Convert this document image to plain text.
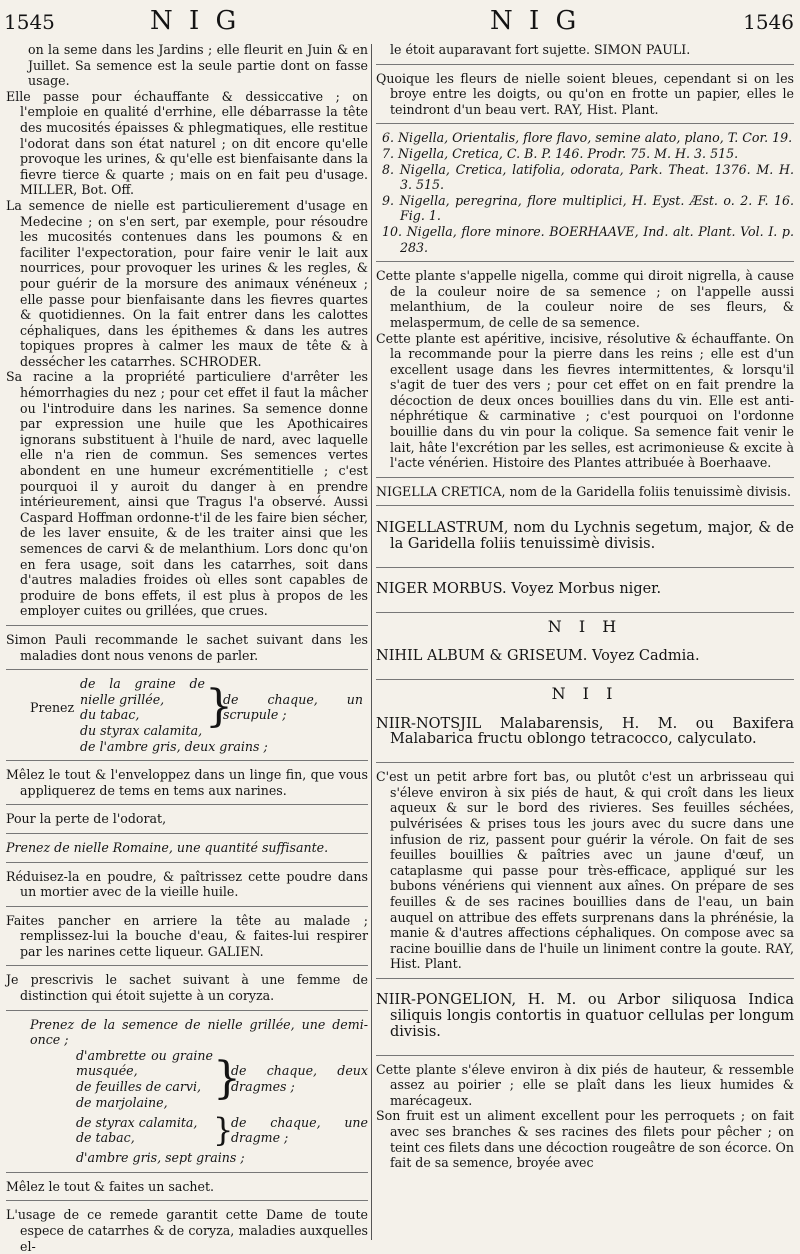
1545	N I G	N I G	1546

on la seme dans les Jardins ; elle fleurit en Juin & en Juillet. Sa semence est la seule partie dont on fasse usage.

Elle passe pour échauffante & dessiccative ; on l'emploie en qualité d'errhine, elle débarrasse la tête des mucosités épaisses & phlegmatiques, elle restitue l'odorat dans son état naturel ; on dit encore qu'elle provoque les urines, & qu'elle est bienfaisante dans la fievre tierce & quarte ; mais on en fait peu d'usage. MILLER, Bot. Off.

La semence de nielle est particulierement d'usage en Medecine ; on s'en sert, par exemple, pour résoudre les mucosités contenues dans les poumons & en faciliter l'expectoration, pour faire venir le lait aux nourrices, pour provoquer les urines & les regles, & pour guérir de la morsure des animaux vénéneux ; elle passe pour bienfaisante dans les fievres quartes & quotidiennes. On la fait entrer dans les calottes céphaliques, dans les épithemes & dans les autres topiques propres à calmer les maux de tête & à dessécher les catarrhes. SCHRODER.

Sa racine a la propriété particuliere d'arrêter les hémorrhagies du nez ; pour cet effet il faut la mâcher ou l'introduire dans les narines. Sa semence donne par expression une huile que les Apothicaires ignorans substituent à l'huile de nard, avec laquelle elle n'a rien de commun. Ses semences vertes abondent en une humeur excrémentitielle ; c'est pourquoi il y auroit du danger à en prendre intérieurement, ainsi que Tragus l'a observé. Aussi Caspard Hoffman ordonne-t'il de les faire bien sécher, de les laver ensuite, & de les traiter ainsi que les semences de carvi & de melanthium. Lors donc qu'on en fera usage, soit dans les catarrhes, soit dans d'autres maladies froides où elles sont capables de produire de bons effets, il est plus à propos de les employer cuites ou grillées, que crues.

Simon Pauli recommande le sachet suivant dans les maladies dont nous venons de parler.

Prenez
de la graine de nielle grillée,
du tabac,
du styrax calamita, }
de chaque, un scrupule ;
de l'ambre gris, deux grains ;

Mêlez le tout & l'enveloppez dans un linge fin, que vous appliquerez de tems en tems aux narines.

Pour la perte de l'odorat,

Prenez de nielle Romaine, une quantité suffisante.

Réduisez-la en poudre, & paîtrissez cette poudre dans un mortier avec de la vieille huile.

Faites pancher en arriere la tête au malade ; remplissez-lui la bouche d'eau, & faites-lui respirer par les narines cette liqueur. GALIEN.

Je prescrivis le sachet suivant à une femme de distinction qui étoit sujette à un coryza.

Prenez de la semence de nielle grillée, une demi-once ;
d'ambrette ou graine musquée,
de feuilles de carvi,
de marjolaine,	}
de chaque, deux dragmes ;
de styrax calamita,
de tabac,	}
de chaque, une dragme ;
d'ambre gris, sept grains ;

Mêlez le tout & faites un sachet.

L'usage de ce remede garantit cette Dame de toute espece de catarrhes & de coryza, maladies auxquelles el-

le étoit auparavant fort sujette. SIMON PAULI.

Quoique les fleurs de nielle soient bleues, cependant si on les broye entre les doigts, ou qu'on en frotte un papier, elles le teindront d'un beau vert. RAY, Hist. Plant.

6. Nigella, Orientalis, flore flavo, semine alato, plano, T. Cor. 19.

7. Nigella, Cretica, C. B. P. 146. Prodr. 75. M. H. 3. 515.

8. Nigella, Cretica, latifolia, odorata, Park. Theat. 1376. M. H. 3. 515.

9. Nigella, peregrina, flore multiplici, H. Eyst. Æst. o. 2. F. 16. Fig. 1.

10. Nigella, flore minore. BOERHAAVE, Ind. alt. Plant. Vol. I. p. 283.

Cette plante s'appelle nigella, comme qui diroit nigrella, à cause de la couleur noire de sa semence ; on l'appelle aussi melanthium, de la couleur noire de ses fleurs, & melaspermum, de celle de sa semence.

Cette plante est apéritive, incisive, résolutive & échauffante. On la recommande pour la pierre dans les reins ; elle est d'un excellent usage dans les fievres intermittentes, & lorsqu'il s'agit de tuer des vers ; pour cet effet on en fait prendre la décoction de deux onces bouillies dans du vin. Elle est anti-néphrétique & carminative ; c'est pourquoi on l'ordonne bouillie dans du vin pour la colique. Sa semence fait venir le lait, hâte l'excrétion par les selles, est acrimonieuse & excite à l'acte vénérien. Histoire des Plantes attribuée à Boerhaave.

NIGELLA CRETICA, nom de la Garidella foliis tenuissimè divisis.

NIGELLASTRUM, nom du Lychnis segetum, major, & de la Garidella foliis tenuissimè divisis.

NIGER MORBUS. Voyez Morbus niger.

N I H

NIHIL ALBUM & GRISEUM. Voyez Cadmia.

N I I

NIIR-NOTSJIL Malabarensis, H. M. ou Baxifera Malabarica fructu oblongo tetracocco, calyculato.

C'est un petit arbre fort bas, ou plutôt c'est un arbrisseau qui s'éleve environ à six piés de haut, & qui croît dans les lieux aqueux & sur le bord des rivieres. Ses feuilles séchées, pulvérisées & prises tous les jours avec du sucre dans une infusion de riz, passent pour guérir la vérole. On fait de ses feuilles bouillies & paîtries avec un jaune d'œuf, un cataplasme qui passe pour très-efficace, appliqué sur les bubons vénériens qui viennent aux aînes. On prépare de ses feuilles & de ses racines bouillies dans de l'eau, un bain auquel on attribue des effets surprenans dans la phrénésie, la manie & d'autres affections céphaliques. On compose avec sa racine bouillie dans de l'huile un liniment contre la goute. RAY, Hist. Plant.

NIIR-PONGELION, H. M. ou Arbor siliquosa Indica siliquis longis contortis in quatuor cellulas per longum divisis.

Cette plante s'éleve environ à dix piés de hauteur, & ressemble assez au poirier ; elle se plaît dans les lieux humides & marécageux.

Son fruit est un aliment excellent pour les perroquets ; on fait avec ses branches & ses racines des filets pour pêcher ; on teint ces filets dans une décoction rougeâtre de son écorce. On fait de sa semence, broyée avec
